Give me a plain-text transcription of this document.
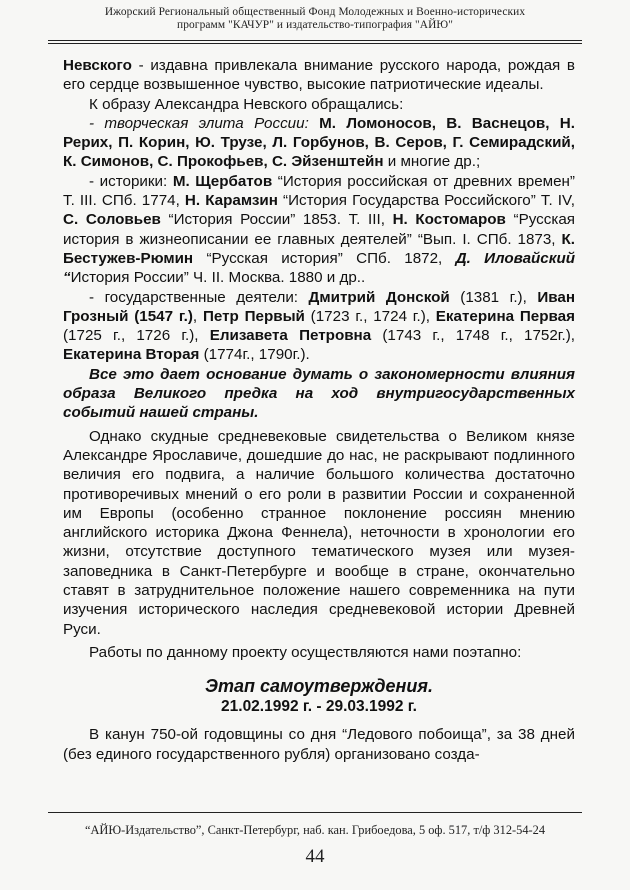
Ижорский Региональный общественный Фонд Молодежных и Военно-исторических
программ "КАЧУР" и издательство-типография "АЙЮ"

Невского - издавна привлекала внимание русского народа, рождая в его сердце возвышенное чувство, высокие патриотические идеалы.

К образу Александра Невского обращались:

- творческая элита России: М. Ломоносов, В. Васнецов, Н. Рерих, П. Корин, Ю. Трузе, Л. Горбунов, В. Серов, Г. Семирадский, К. Симонов, С. Прокофьев, С. Эйзенштейн и многие др.;

- историки: М. Щербатов “История российская от древних времен” Т. III. СПб. 1774, Н. Карамзин “История Государства Российского” Т. IV, С. Соловьев “История России” 1853. Т. III, Н. Костомаров “Русская история в жизнеописании ее главных деятелей” “Вып. I. СПб. 1873, К. Бестужев-Рюмин “Русская история” СПб. 1872, Д. Иловайский “История России” Ч. II. Москва. 1880 и др..

- государственные деятели: Дмитрий Донской (1381 г.), Иван Грозный (1547 г.), Петр Первый (1723 г., 1724 г.), Екатерина Первая (1725 г., 1726 г.), Елизавета Петровна (1743 г., 1748 г., 1752г.), Екатерина Вторая (1774г., 1790г.).

Все это дает основание думать о закономерности влияния образа Великого предка на ход внутригосударственных событий нашей страны.

Однако скудные средневековые свидетельства о Великом князе Александре Ярославиче, дошедшие до нас, не раскрывают подлинного величия его подвига, а наличие большого количества достаточно противоречивых мнений о его роли в развитии России и сохраненной им Европы (особенно странное поклонение россиян мнению английского историка Джона Феннела), неточности в хронологии его жизни, отсутствие доступного тематического музея или музея-заповедника в Санкт-Петербурге и вообще в стране, окончательно ставят в затруднительное положение нашего современника на пути изучения исторического наследия средневековой истории Древней Руси.

Работы по данному проекту осуществляются нами поэтапно:

Этап самоутверждения.
21.02.1992 г. - 29.03.1992 г.

В канун 750-ой годовщины со дня “Ледового побоища”, за 38 дней (без единого государственного рубля) организовано созда-

“АЙЮ-Издательство”, Санкт-Петербург, наб. кан. Грибоедова, 5 оф. 517, т/ф 312-54-24
44
